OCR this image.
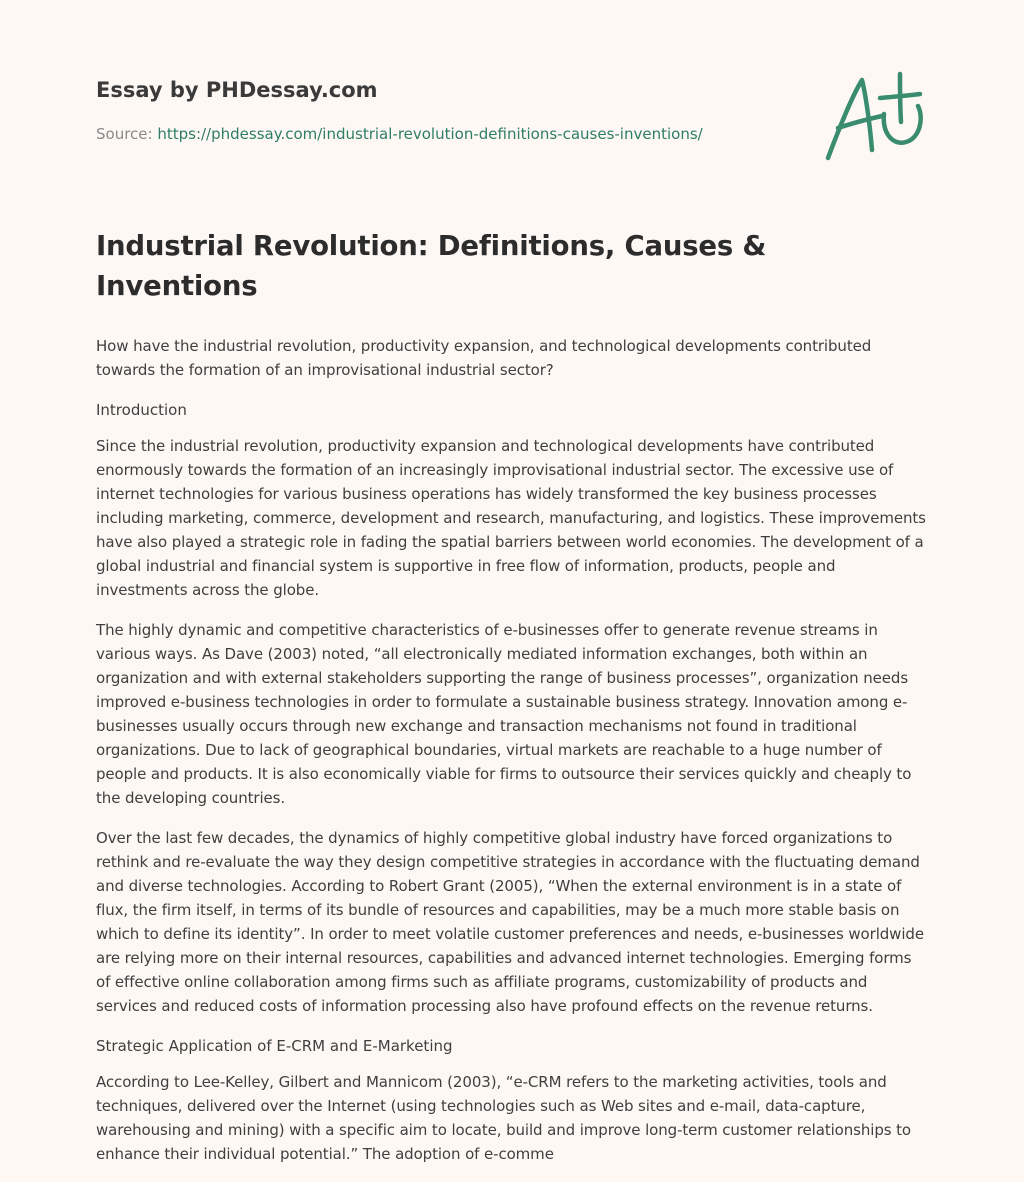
Essay by PHDessay.com
Source: https://phdessay.com/industrial-revolution-definitions-causes-inventions/
Industrial Revolution: Definitions, Causes & Inventions

How have the industrial revolution, productivity expansion, and technological developments contributed towards the formation of an improvisational industrial sector?

Introduction

Since the industrial revolution, productivity expansion and technological developments have contributed enormously towards the formation of an increasingly improvisational industrial sector. The excessive use of internet technologies for various business operations has widely transformed the key business processes including marketing, commerce, development and research, manufacturing, and logistics. These improvements have also played a strategic role in fading the spatial barriers between world economies. The development of a global industrial and financial system is supportive in free flow of information, products, people and investments across the globe.

The highly dynamic and competitive characteristics of e-businesses offer to generate revenue streams in various ways. As Dave (2003) noted, “all electronically mediated information exchanges, both within an organization and with external stakeholders supporting the range of business processes”, organization needs improved e-business technologies in order to formulate a sustainable business strategy. Innovation among e-businesses usually occurs through new exchange and transaction mechanisms not found in traditional organizations. Due to lack of geographical boundaries, virtual markets are reachable to a huge number of people and products. It is also economically viable for firms to outsource their services quickly and cheaply to the developing countries.

Over the last few decades, the dynamics of highly competitive global industry have forced organizations to rethink and re-evaluate the way they design competitive strategies in accordance with the fluctuating demand and diverse technologies. According to Robert Grant (2005), “When the external environment is in a state of flux, the firm itself, in terms of its bundle of resources and capabilities, may be a much more stable basis on which to define its identity”. In order to meet volatile customer preferences and needs, e-businesses worldwide are relying more on their internal resources, capabilities and advanced internet technologies. Emerging forms of effective online collaboration among firms such as affiliate programs, customizability of products and services and reduced costs of information processing also have profound effects on the revenue returns.

Strategic Application of E-CRM and E-Marketing

According to Lee-Kelley, Gilbert and Mannicom (2003), “e-CRM refers to the marketing activities, tools and techniques, delivered over the Internet (using technologies such as Web sites and e-mail, data-capture, warehousing and mining) with a specific aim to locate, build and improve long-term customer relationships to enhance their individual potential.” The adoption of e-comme
